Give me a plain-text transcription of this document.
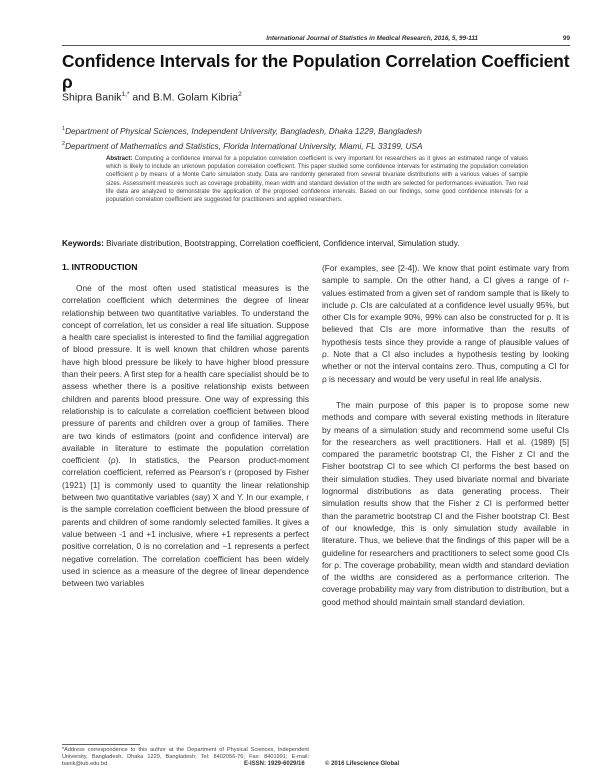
International Journal of Statistics in Medical Research, 2016, 5, 99-111	99
Confidence Intervals for the Population Correlation Coefficient ρ
Shipra Banik$^{1,*}$ and B.M. Golam Kibria$^2$
$^1$Department of Physical Sciences, Independent University, Bangladesh, Dhaka 1229, Bangladesh
$^2$Department of Mathematics and Statistics, Florida International University, Miami, FL 33199, USA
Abstract: Computing a confidence interval for a population correlation coefficient is very important for researchers as it gives an estimated range of values which is likely to include an unknown population correlation coefficient. This paper studied some confidence intervals for estimating the population correlation coefficient ρ by means of a Monte Carlo simulation study. Data are randomly generated from several bivariate distributions with a various values of sample sizes. Assessment measures such as coverage probability, mean width and standard deviation of the width are selected for performances evaluation. Two real life data are analyzed to demonstrate the application of the proposed confidence intervals. Based on our findings, some good confidence intervals for a population correlation coefficient are suggested for practitioners and applied researchers.
Keywords: Bivariate distribution, Bootstrapping, Correlation coefficient, Confidence interval, Simulation study.
1. INTRODUCTION

One of the most often used statistical measures is the correlation coefficient which determines the degree of linear relationship between two quantitative variables. To understand the concept of correlation, let us consider a real life situation. Suppose a health care specialist is interested to find the familial aggregation of blood pressure. It is well known that children whose parents have high blood pressure be likely to have higher blood pressure than their peers. A first step for a health care specialist should be to assess whether there is a positive relationship exists between children and parents blood pressure. One way of expressing this relationship is to calculate a correlation coefficient between blood pressure of parents and children over a group of families. There are two kinds of estimators (point and confidence interval) are available in literature to estimate the population correlation coefficient (ρ). In statistics, the Pearson product-moment correlation coefficient, referred as Pearson's r (proposed by Fisher (1921) [1] is commonly used to quantity the linear relationship between two quantitative variables (say) X and Y. In our example, r is the sample correlation coefficient between the blood pressure of parents and children of some randomly selected families. It gives a value between -1 and +1 inclusive, where +1 represents a perfect positive correlation, 0 is no correlation and −1 represents a perfect negative correlation. The correlation coefficient has been widely used in science as a measure of the degree of linear dependence between two variables

(For examples, see [2-4]). We know that point estimate vary from sample to sample. On the other hand, a CI gives a range of r-values estimated from a given set of random sample that is likely to include ρ. CIs are calculated at a confidence level usually 95%, but other CIs for example 90%, 99% can also be constructed for ρ. It is believed that CIs are more informative than the results of hypothesis tests since they provide a range of plausible values of ρ. Note that a CI also includes a hypothesis testing by looking whether or not the interval contains zero. Thus, computing a CI for ρ is necessary and would be very useful in real life analysis.

The main purpose of this paper is to propose some new methods and compare with several existing methods in literature by means of a simulation study and recommend some useful CIs for the researchers as well practitioners. Hall et al. (1989) [5] compared the parametric bootstrap CI, the Fisher z CI and the Fisher bootstrap CI to see which CI performs the best based on their simulation studies. They used bivariate normal and bivariate lognormal distributions as data generating process. Their simulation results show that the Fisher z CI is performed better than the parametric bootstrap CI and the Fisher bootstrap CI. Best of our knowledge, this is only simulation study available in literature. Thus, we believe that the findings of this paper will be a guideline for researchers and practitioners to select some good CIs for ρ. The coverage probability, mean width and standard deviation of the widths are considered as a performance criterion. The coverage probability may vary from distribution to distribution, but a good method should maintain small standard deviation.

*Address correspondence to this author at the Department of Physical Sciences, Independent University, Bangladesh, Dhaka 1229, Bangladesh; Tel: 8402056-76; Fax: 8401991; E-mail: banik@iub.edu.bd	E-ISSN: 1929-6029/16	© 2016 Lifescience Global
